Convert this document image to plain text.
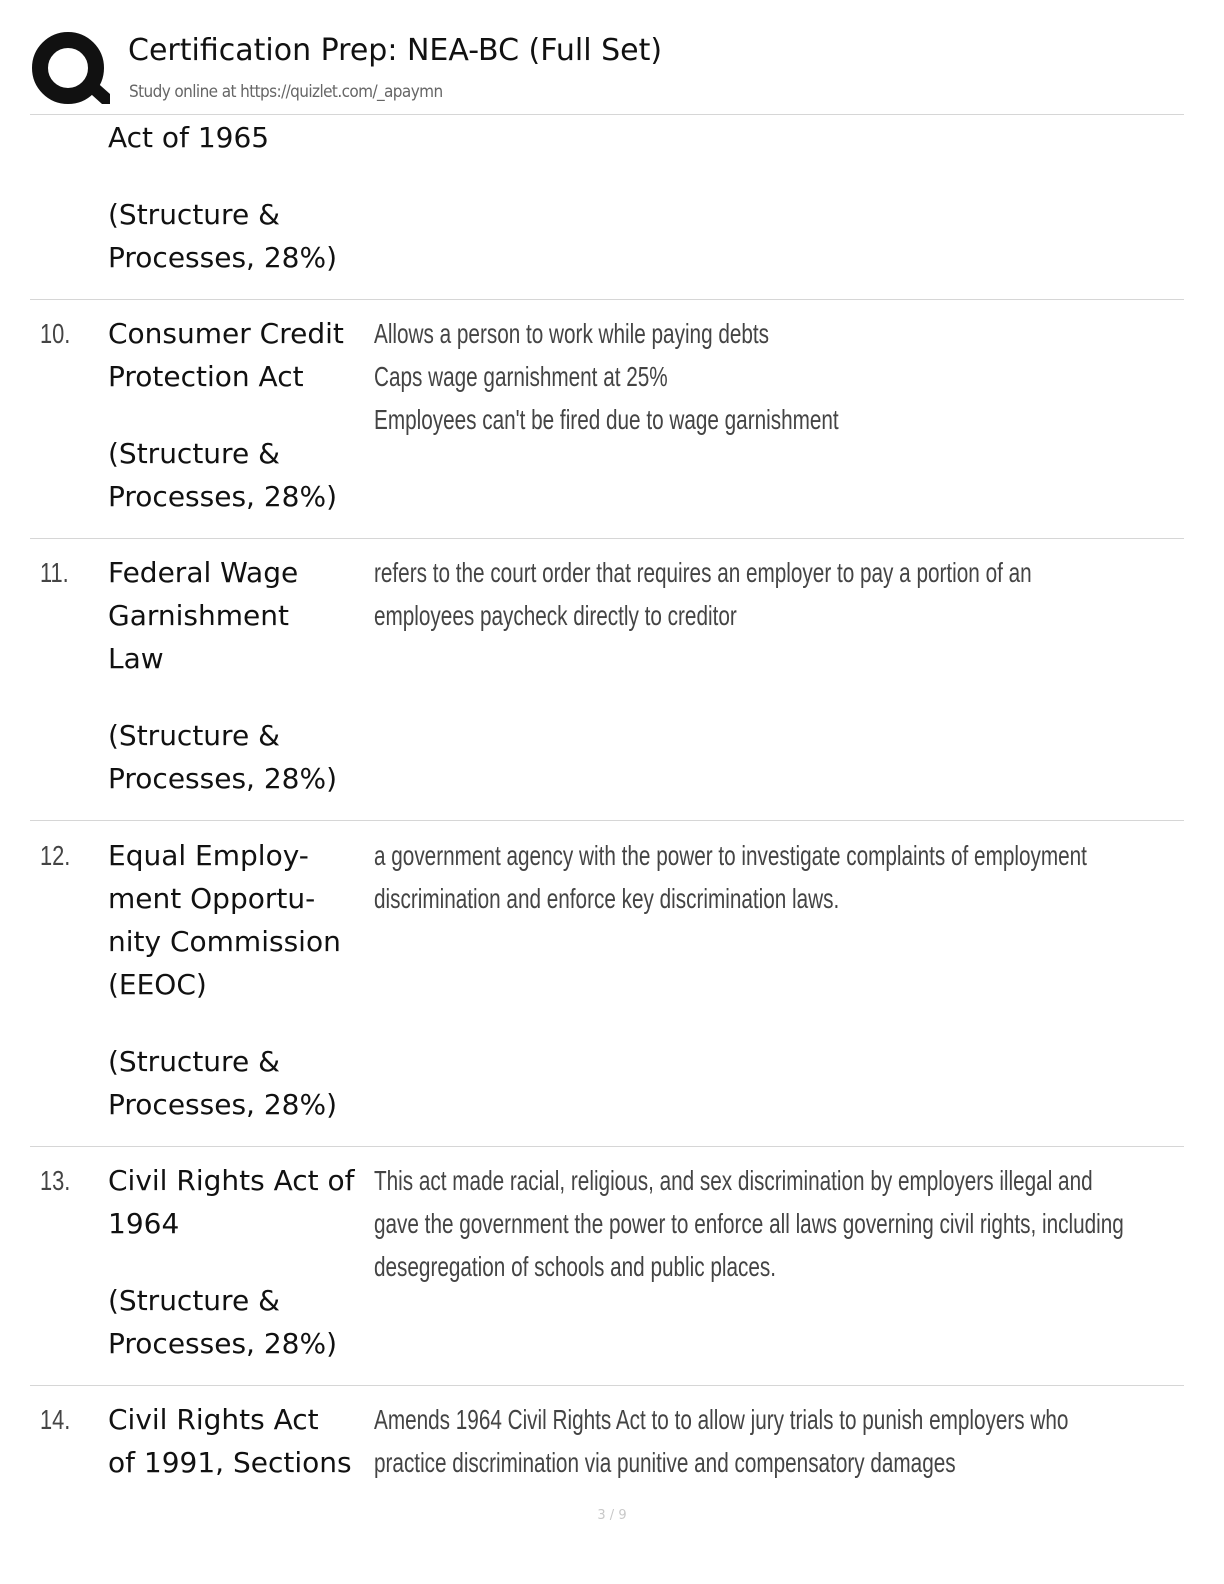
Certification Prep: NEA-BC (Full Set)
Study online at https://quizlet.com/_apaymn
Act of 1965
(Structure &
Processes, 28%)
10. Consumer Credit
Protection Act
(Structure &
Processes, 28%)
Allows a person to work while paying debts
Caps wage garnishment at 25%
Employees can't be fired due to wage garnishment
11. Federal Wage
Garnishment
Law
(Structure &
Processes, 28%)
refers to the court order that requires an employer to pay a portion of an
employees paycheck directly to creditor
12. Equal Employ-
ment Opportu-
nity Commission
(EEOC)
(Structure &
Processes, 28%)
a government agency with the power to investigate complaints of employment
discrimination and enforce key discrimination laws.
13. Civil Rights Act of
1964
(Structure &
Processes, 28%)
This act made racial, religious, and sex discrimination by employers illegal and
gave the government the power to enforce all laws governing civil rights, including
desegregation of schools and public places.
14. Civil Rights Act
of 1991, Sections
Amends 1964 Civil Rights Act to to allow jury trials to punish employers who
practice discrimination via punitive and compensatory damages
3 / 9
